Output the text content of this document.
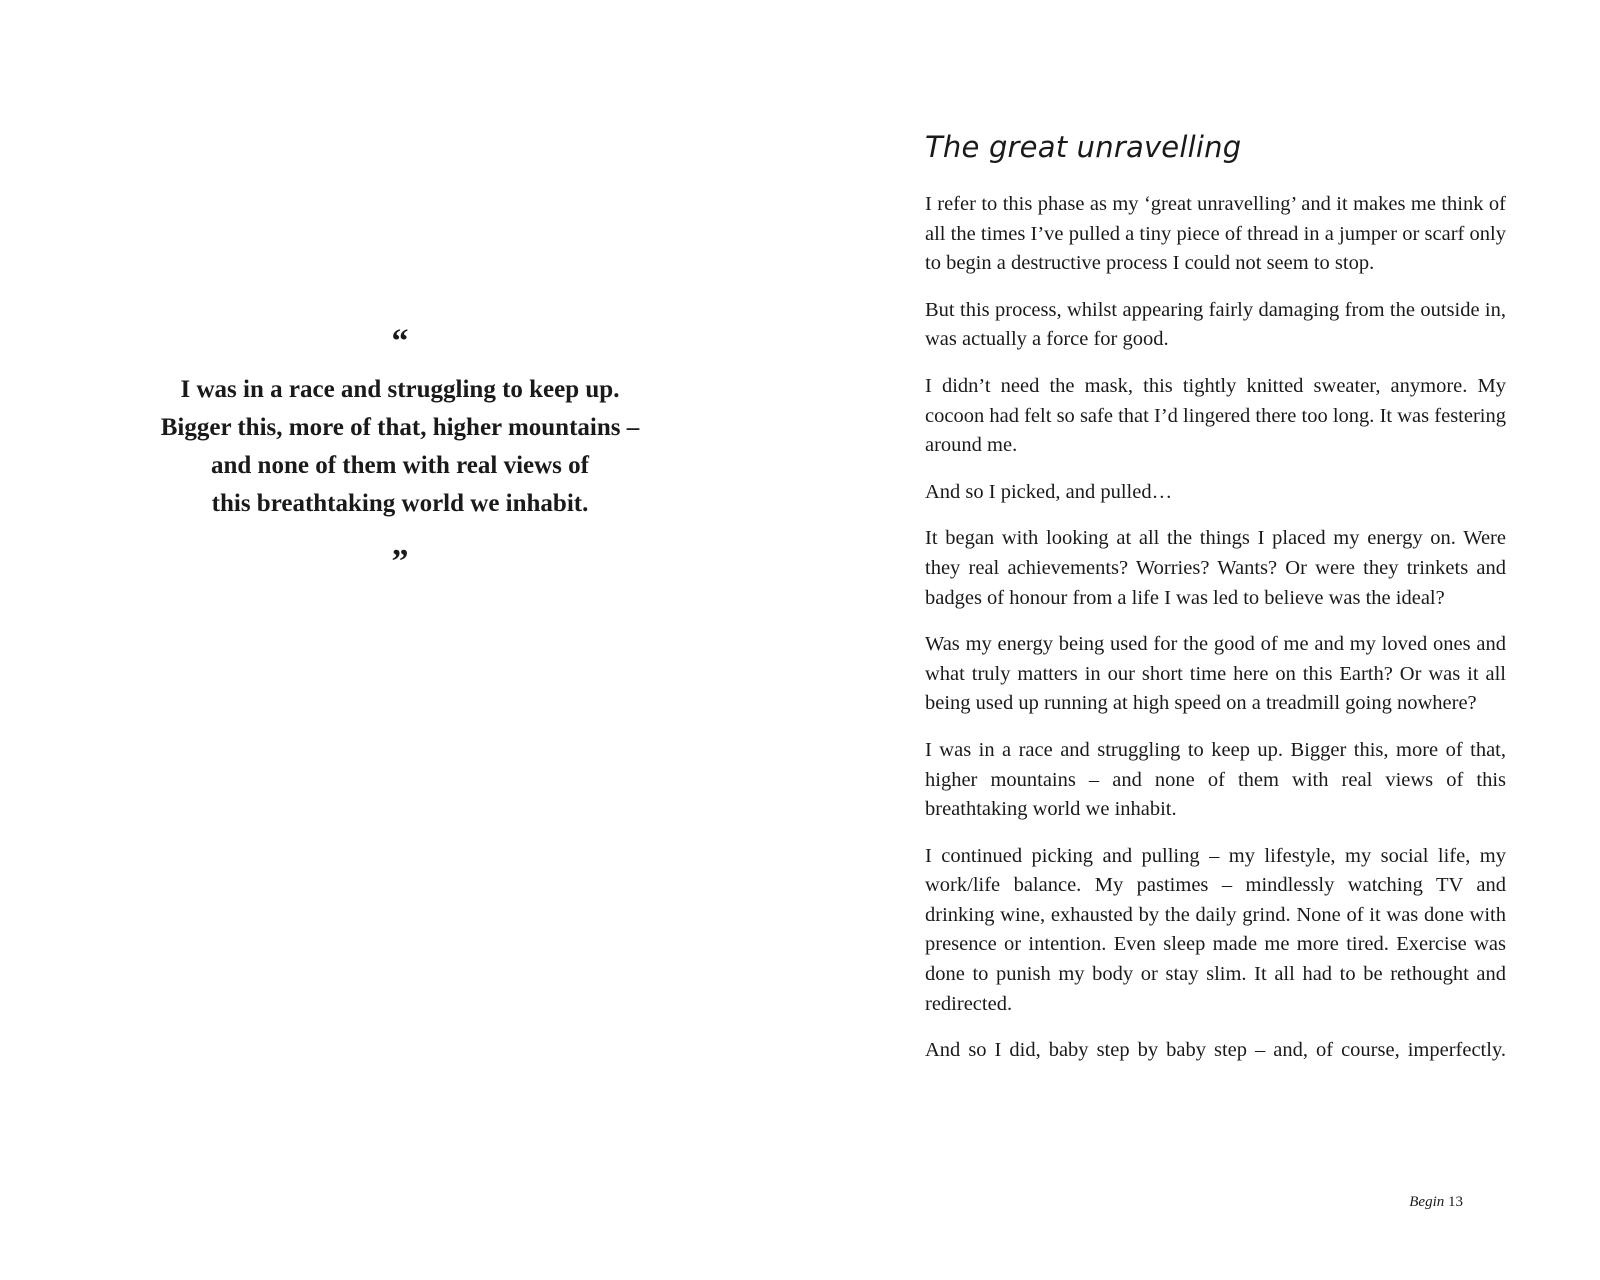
“

I was in a race and struggling to keep up.
Bigger this, more of that, higher mountains –
and none of them with real views of
this breathtaking world we inhabit.

”
The great unravelling

I refer to this phase as my ‘great unravelling’ and it makes me think of all the times I’ve pulled a tiny piece of thread in a jumper or scarf only to begin a destructive process I could not seem to stop.

But this process, whilst appearing fairly damaging from the outside in, was actually a force for good.

I didn’t need the mask, this tightly knitted sweater, anymore. My cocoon had felt so safe that I’d lingered there too long. It was festering around me.

And so I picked, and pulled…

It began with looking at all the things I placed my energy on. Were they real achievements? Worries? Wants? Or were they trinkets and badges of honour from a life I was led to believe was the ideal?

Was my energy being used for the good of me and my loved ones and what truly matters in our short time here on this Earth? Or was it all being used up running at high speed on a treadmill going nowhere?

I was in a race and struggling to keep up. Bigger this, more of that, higher mountains – and none of them with real views of this breathtaking world we inhabit.

I continued picking and pulling – my lifestyle, my social life, my work/life balance. My pastimes – mindlessly watching TV and drinking wine, exhausted by the daily grind. None of it was done with presence or intention. Even sleep made me more tired. Exercise was done to punish my body or stay slim. It all had to be rethought and redirected.

And so I did, baby step by baby step – and, of course, imperfectly.

Begin 13
